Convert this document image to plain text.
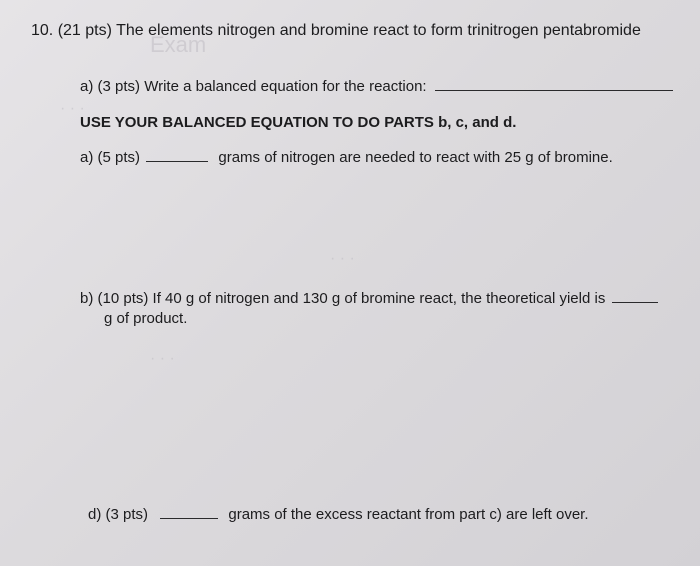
Exam
· · ·
· · ·
· · ·
10. (21 pts) The elements nitrogen and bromine react to form trinitrogen pentabromide
a) (3 pts) Write a balanced equation for the reaction:
USE YOUR BALANCED EQUATION TO DO PARTS b, c, and d.
a) (5 pts)	grams of nitrogen are needed to react with 25 g of bromine.
b) (10 pts) If 40 g of nitrogen and 130 g of bromine react, the theoretical yield is
g of product.
d) (3 pts)	grams of the excess reactant from part c) are left over.
